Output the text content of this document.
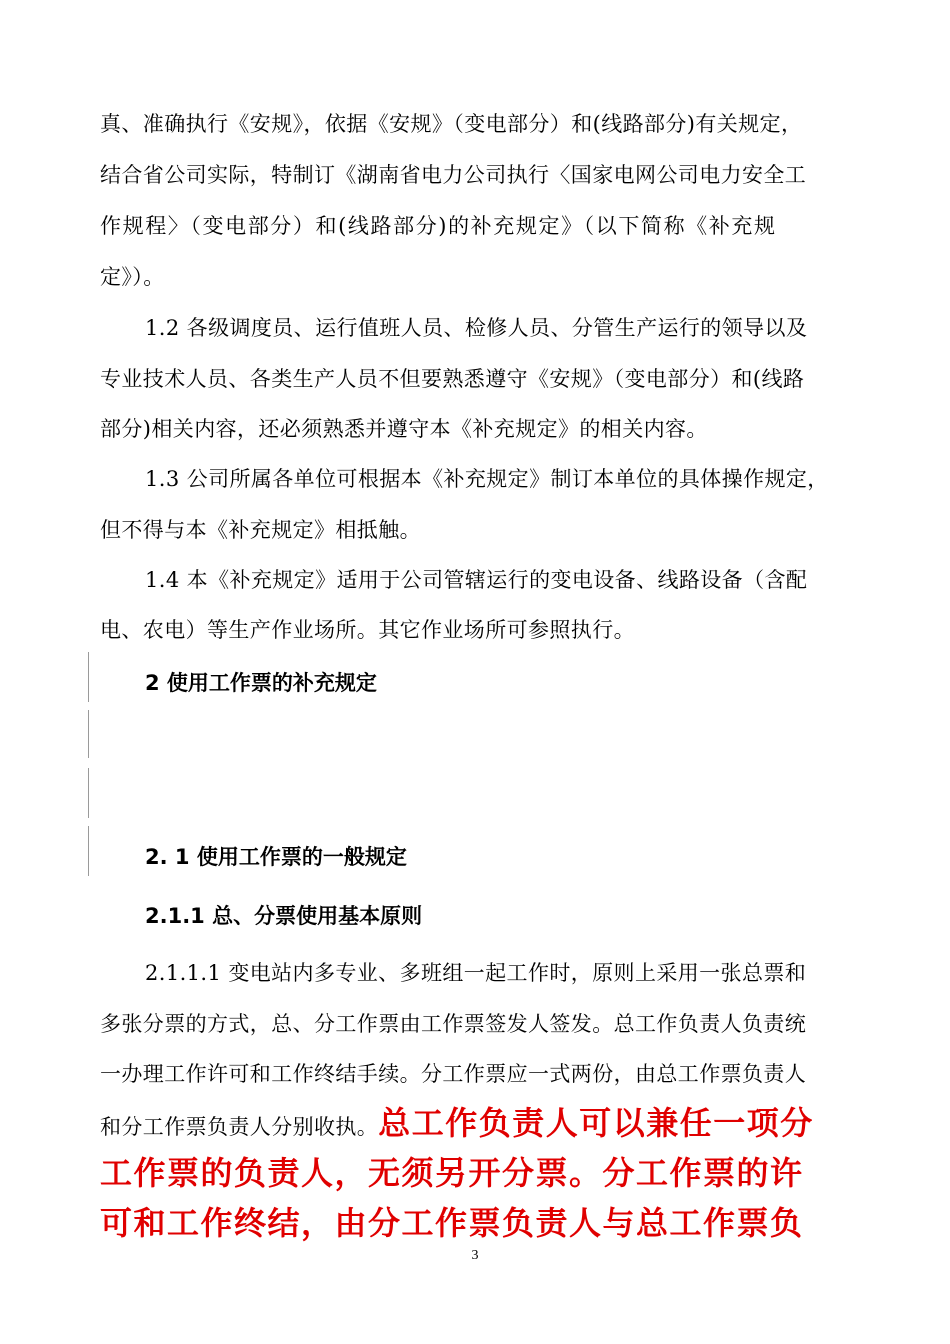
真、准确执行《安规》，依据《安规》（变电部分）和(线路部分)有关规定，
结合省公司实际，特制订《湖南省电力公司执行〈国家电网公司电力安全工
作规程〉（变电部分）和(线路部分)的补充规定》（以下简称《补充规
定》）。
1.2 各级调度员、运行值班人员、检修人员、分管生产运行的领导以及
专业技术人员、各类生产人员不但要熟悉遵守《安规》（变电部分）和(线路
部分)相关内容，还必须熟悉并遵守本《补充规定》的相关内容。
1.3 公司所属各单位可根据本《补充规定》制订本单位的具体操作规定，
但不得与本《补充规定》相抵触。
1.4 本《补充规定》适用于公司管辖运行的变电设备、线路设备（含配
电、农电）等生产作业场所。其它作业场所可参照执行。
2 使用工作票的补充规定
2. 1 使用工作票的一般规定
2.1.1 总、分票使用基本原则
2.1.1.1 变电站内多专业、多班组一起工作时，原则上采用一张总票和
多张分票的方式，总、分工作票由工作票签发人签发。总工作负责人负责统
一办理工作许可和工作终结手续。分工作票应一式两份，由总工作票负责人
和分工作票负责人分别收执。总工作负责人可以兼任一项分
工作票的负责人，无须另开分票。分工作票的许
可和工作终结，由分工作票负责人与总工作票负
3
